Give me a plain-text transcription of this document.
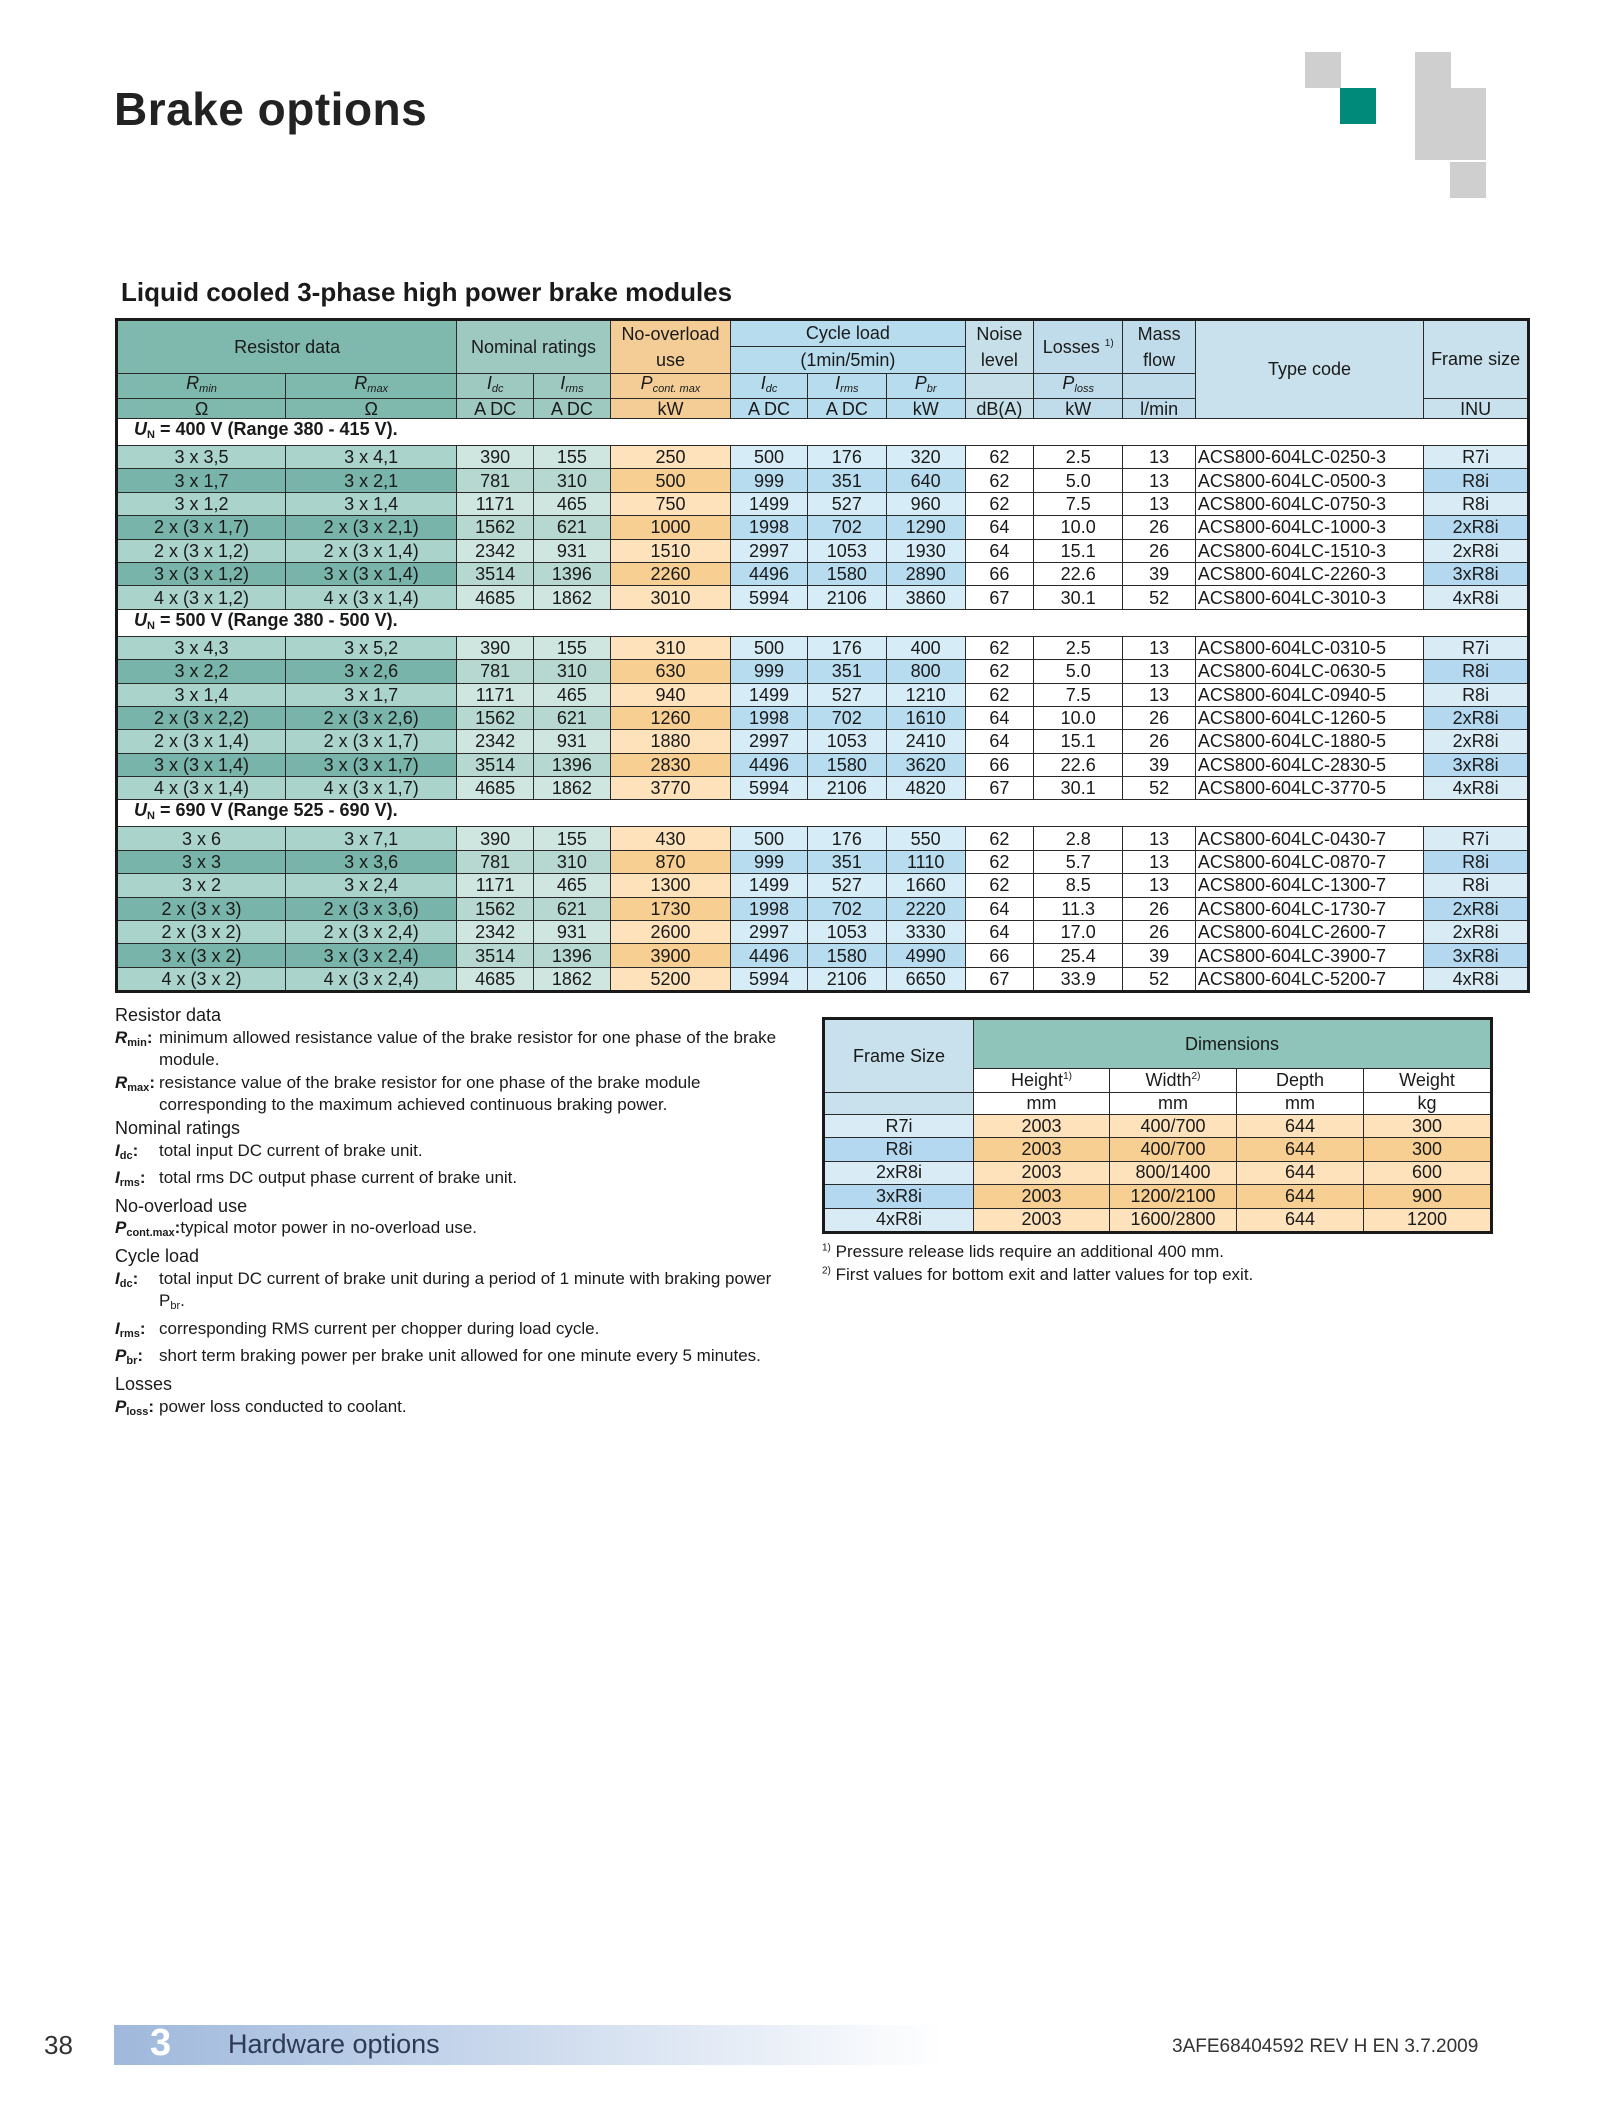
Brake options
Liquid cooled 3-phase high power brake modules
Resistor data		Nominal ratings		No-overload use	Cycle load			Noise level	Losses $^{1)}$	Mass flow	Type code	Frame size
					(1min/5min)							
$R_{min}$	$R_{max}$	$I_{dc}$	$I_{rms}$	$P_{cont. max}$	$I_{dc}$	$I_{rms}$	$P_{br}$		$P_{loss}$	
Ω	Ω	A DC	A DC	kW	A DC	A DC	kW	dB(A)	kW	l/min		INU
$U_N = 400$ V (Range 380 - 415 V).												
3 x 3,5	3 x 4,1	390	155	250	500	176	320	62	2.5	13	ACS800-604LC-0250-3	R7i
3 x 1,7	3 x 2,1	781	310	500	999	351	640	62	5.0	13	ACS800-604LC-0500-3	R8i
3 x 1,2	3 x 1,4	1171	465	750	1499	527	960	62	7.5	13	ACS800-604LC-0750-3	R8i
2 x (3 x 1,7)	2 x (3 x 2,1)	1562	621	1000	1998	702	1290	64	10.0	26	ACS800-604LC-1000-3	2xR8i
2 x (3 x 1,2)	2 x (3 x 1,4)	2342	931	1510	2997	1053	1930	64	15.1	26	ACS800-604LC-1510-3	2xR8i
3 x (3 x 1,2)	3 x (3 x 1,4)	3514	1396	2260	4496	1580	2890	66	22.6	39	ACS800-604LC-2260-3	3xR8i
4 x (3 x 1,2)	4 x (3 x 1,4)	4685	1862	3010	5994	2106	3860	67	30.1	52	ACS800-604LC-3010-3	4xR8i
$U_N = 500$ V (Range 380 - 500 V).												
3 x 4,3	3 x 5,2	390	155	310	500	176	400	62	2.5	13	ACS800-604LC-0310-5	R7i
3 x 2,2	3 x 2,6	781	310	630	999	351	800	62	5.0	13	ACS800-604LC-0630-5	R8i
3 x 1,4	3 x 1,7	1171	465	940	1499	527	1210	62	7.5	13	ACS800-604LC-0940-5	R8i
2 x (3 x 2,2)	2 x (3 x 2,6)	1562	621	1260	1998	702	1610	64	10.0	26	ACS800-604LC-1260-5	2xR8i
2 x (3 x 1,4)	2 x (3 x 1,7)	2342	931	1880	2997	1053	2410	64	15.1	26	ACS800-604LC-1880-5	2xR8i
3 x (3 x 1,4)	3 x (3 x 1,7)	3514	1396	2830	4496	1580	3620	66	22.6	39	ACS800-604LC-2830-5	3xR8i
4 x (3 x 1,4)	4 x (3 x 1,7)	4685	1862	3770	5994	2106	4820	67	30.1	52	ACS800-604LC-3770-5	4xR8i
$U_N = 690$ V (Range 525 - 690 V).												
3 x 6	3 x 7,1	390	155	430	500	176	550	62	2.8	13	ACS800-604LC-0430-7	R7i
3 x 3	3 x 3,6	781	310	870	999	351	1110	62	5.7	13	ACS800-604LC-0870-7	R8i
3 x 2	3 x 2,4	1171	465	1300	1499	527	1660	62	8.5	13	ACS800-604LC-1300-7	R8i
2 x (3 x 3)	2 x (3 x 3,6)	1562	621	1730	1998	702	2220	64	11.3	26	ACS800-604LC-1730-7	2xR8i
2 x (3 x 2)	2 x (3 x 2,4)	2342	931	2600	2997	1053	3330	64	17.0	26	ACS800-604LC-2600-7	2xR8i
3 x (3 x 2)	3 x (3 x 2,4)	3514	1396	3900	4496	1580	4990	66	25.4	39	ACS800-604LC-3900-7	3xR8i
4 x (3 x 2)	4 x (3 x 2,4)	4685	1862	5200	5994	2106	6650	67	33.9	52	ACS800-604LC-5200-7	4xR8i
Resistor data
$R_{min}$: minimum allowed resistance value of the brake resistor for one phase of the brake module.
$R_{max}$: resistance value of the brake resistor for one phase of the brake module corresponding to the maximum achieved continuous braking power.
Nominal ratings
$I_{dc}$:	total input DC current of brake unit.
$I_{rms}$: total rms DC output phase current of brake unit.
No-overload use
$P_{cont.max}$: typical motor power in no-overload use.
Cycle load
$I_{dc}$:	total input DC current of brake unit during a period of 1 minute with braking power $P_{br}$.
$I_{rms}$: corresponding RMS current per chopper during load cycle.
$P_{br}$: short term braking power per brake unit allowed for one minute every 5 minutes.
Losses
$P_{loss}$: power loss conducted to coolant.
Frame Size	Dimensions			
	Height$^{1)}$	Width$^{2)}$	Depth	Weight
	mm	mm	mm	kg
R7i	2003	400/700	644	300
R8i	2003	400/700	644	300
2xR8i	2003	800/1400	644	600
3xR8i	2003	1200/2100	644	900
4xR8i	2003	1600/2800	644	1200
$^{1)}$ Pressure release lids require an additional 400 mm.
$^{2)}$ First values for bottom exit and latter values for top exit.
38 3 Hardware options	3AFE68404592 REV H EN 3.7.2009
